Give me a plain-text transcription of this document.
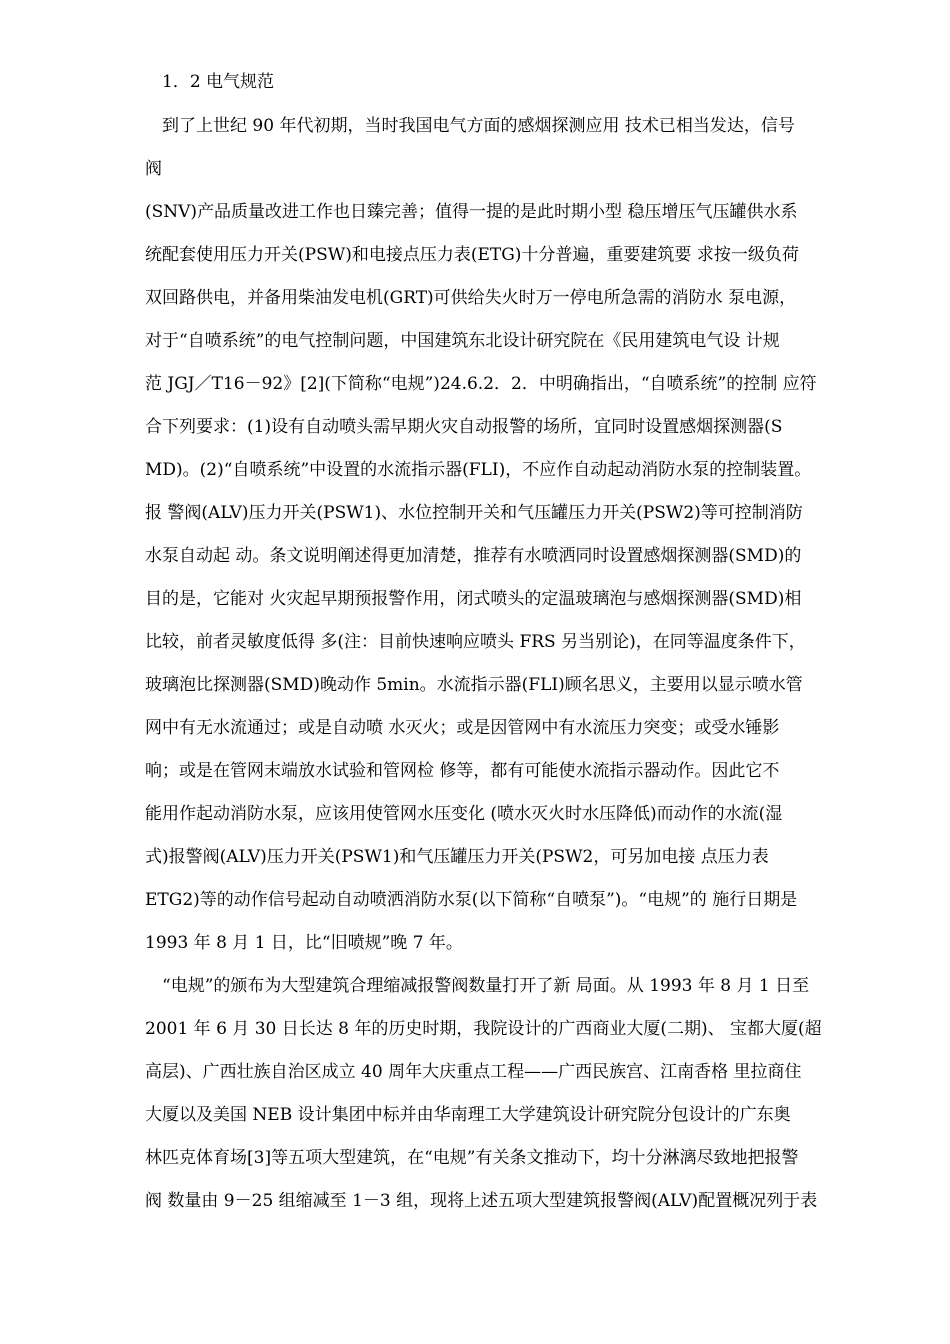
1．2 电气规范
到了上世纪 90 年代初期，当时我国电气方面的感烟探测应用 技术已相当发达，信号
阀
(SNV)产品质量改进工作也日臻完善；值得一提的是此时期小型 稳压增压气压罐供水系
统配套使用压力开关(PSW)和电接点压力表(ETG)十分普遍，重要建筑要 求按一级负荷
双回路供电，并备用柴油发电机(GRT)可供给失火时万一停电所急需的消防水 泵电源，
对于“自喷系统”的电气控制问题，中国建筑东北设计研究院在《民用建筑电气设 计规
范 JGJ／T16－92》[2](下简称“电规”)24.6.2．2．中明确指出，“自喷系统”的控制 应符
合下列要求：(1)设有自动喷头需早期火灾自动报警的场所，宜同时设置感烟探测器(S
MD)。(2)“自喷系统”中设置的水流指示器(FLI)，不应作自动起动消防水泵的控制装置。
报 警阀(ALV)压力开关(PSW1)、水位控制开关和气压罐压力开关(PSW2)等可控制消防
水泵自动起 动。条文说明阐述得更加清楚，推荐有水喷洒同时设置感烟探测器(SMD)的
目的是，它能对 火灾起早期预报警作用，闭式喷头的定温玻璃泡与感烟探测器(SMD)相
比较，前者灵敏度低得 多(注：目前快速响应喷头 FRS 另当别论)，在同等温度条件下，
玻璃泡比探测器(SMD)晚动作 5min。水流指示器(FLI)顾名思义，主要用以显示喷水管
网中有无水流通过；或是自动喷 水灭火；或是因管网中有水流压力突变；或受水锤影
响；或是在管网末端放水试验和管网检 修等，都有可能使水流指示器动作。因此它不
能用作起动消防水泵，应该用使管网水压变化 (喷水灭火时水压降低)而动作的水流(湿
式)报警阀(ALV)压力开关(PSW1)和气压罐压力开关(PSW2，可另加电接 点压力表
ETG2)等的动作信号起动自动喷洒消防水泵(以下简称“自喷泵”)。“电规”的 施行日期是
1993 年 8 月 1 日，比“旧喷规”晚 7 年。
“电规”的颁布为大型建筑合理缩减报警阀数量打开了新 局面。从 1993 年 8 月 1 日至
2001 年 6 月 30 日长达 8 年的历史时期，我院设计的广西商业大厦(二期)、 宝都大厦(超
高层)、广西壮族自治区成立 40 周年大庆重点工程——广西民族宫、江南香格 里拉商住
大厦以及美国 NEB 设计集团中标并由华南理工大学建筑设计研究院分包设计的广东奥
林匹克体育场[3]等五项大型建筑，在“电规”有关条文推动下，均十分淋漓尽致地把报警
阀 数量由 9－25 组缩减至 1－3 组，现将上述五项大型建筑报警阀(ALV)配置概况列于表
